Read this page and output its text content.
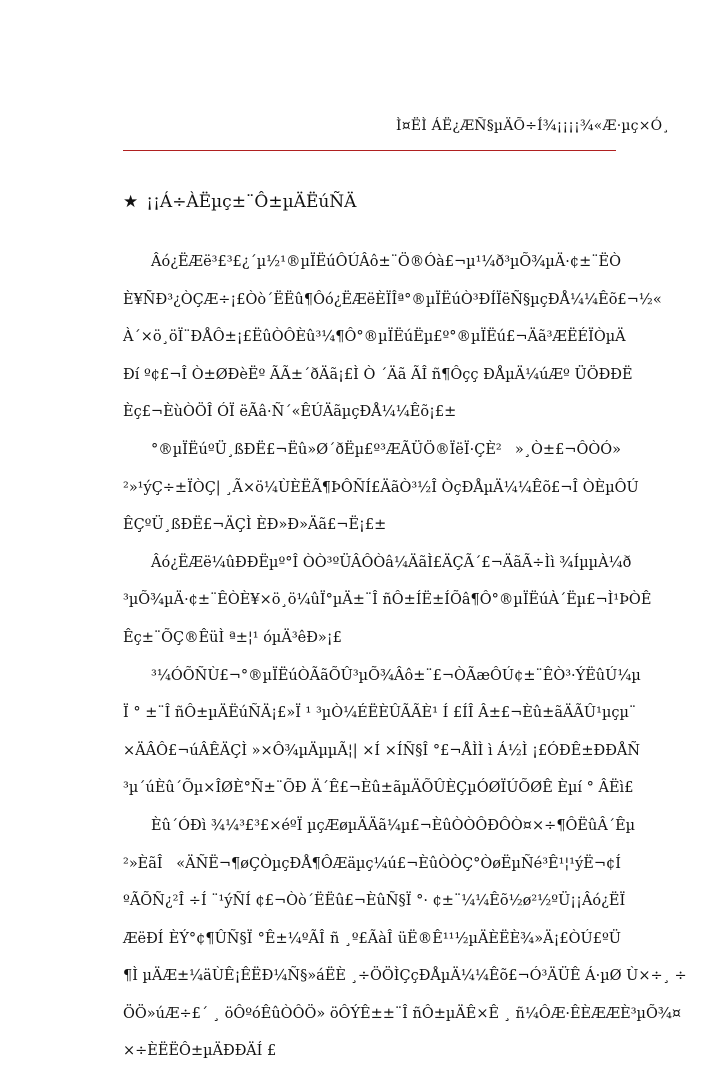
Ì¤ËÌ ÁË¿ÆÑ§µÄÕ÷Í¾¡¡¡¡¾«Æ·µç×Ó¸
★ ¡¡Á÷ÀËµç±¨Ô±µÄËúÑÄ
Âó¿ËÆë³£³£¿´µ½¹®µÏËúÔÚÂô±¨Ö®Óà£¬µ¹¼ð³µÕ¾µÄ·¢±¨ËÒ
È¥ÑÐ³¿ÒÇÆ÷¡£Òò´ËËû¶Ôó¿ËÆëÈÏÎª°®µÏËúÒ³ÐÍÏëÑ§µçÐÅ¼¼Êõ£¬½«
À´×ö¸öÏ¨ÐÅÔ±¡£ËûÒÔÈû³¼¶Ô°®µÏËúËµ£º°®µÏËú£¬Äã³ÆËÉÏÒµÄ
Ðí º¢£¬Î Ò±ØÐèËº ÃÃ±´ðÄã¡£Ì Ò ´Äã ÃÎ ñ¶Ôçç ÐÅµÄ¼úÆº ÜÖÐÐË
Èç£¬ÈùÒÖÎ ÓÏ ëÃâ·Ñ´«ÊÚÄãµçÐÅ¼¼Êõ¡£±
°®µÏËúºÜ¸ßÐË£¬Ëû»Ø´ðËµ£º³ÆÃÜÖ®ÏëÏ·ÇÈ² »¸Ò±£¬ÔÒÓ»
²»¹ýÇ÷±ÏÒÇ| ¸Ã×ö¼ÙÈËÃ¶ÞÔÑÍ£ÄãÒ³½Î ÒçÐÅµÄ¼¼Êõ£¬Î ÒÈµÔÚ
ÊÇºÜ¸ßÐË£¬ÄÇÌ ÈÐ»Ð»Äã£¬Ë¡£±
Âó¿ËÆë¼ûÐÐËµº°Î ÒÒ³ºÜÂÔÒâ¼ÄãÌ£ÄÇÃ´£¬ÄãÃ÷Ìì ¾ÍµµÀ¼ð
³µÕ¾µÄ·¢±¨ÊÒÈ¥×ö¸ö¼ûÏ°µÄ±¨Î ñÔ±ÍË±ÍÕâ¶Ô°®µÏËúÀ´Ëµ£¬Ì¹ÞÒÊ
Êç±¨ÕÇ®ÊüÌ ª±¦¹ óµÄ³êÐ»¡£
³¼ÓÕÑÙ£¬°®µÏËúÒÃãÕÛ³µÕ¾Âô±¨£¬ÒÃæÔÚ¢±¨ÊÒ³·ÝËûÚ¼µ
Ï ° ±¨Î ñÔ±µÄËúÑÄ¡£»Ï ¹ ³µÒ¼ÉËÈÛÃÃÈ¹ Í £ÍÎ Â±£¬Èû±ãÄÃÛ¹µçµ¨
×ÄÂÔ£¬úÂÊÄÇÌ »×Ô¾µÄµµÃ¦| ×Í ×ÍÑ§Î °£¬ÅÌÌ ì Á½Ì ¡£ÓÐÊ±ÐÐÅÑ
³µ´úÈû´Õµ×ÎØÈ°Ñ±¨ÕÐ Ä´Ê£¬Èû±ãµÄÕÛÈÇµÓØÏÚÕØÊ Èµí ° ÂËì£
Èû´ÓÐì ¾¼³£³£×éºÏ µçÆøµÄÄã¼µ£¬ÈûÒÒÔÐÔÒ¤×÷¶ÔËûÂ´Êµ
²»ÈãÎ «ÄÑË¬¶øÇÒµçÐÅ¶ÔÆäµç¼ú£¬ÈûÒÒÇ°ÒøËµÑé³Ê¹¦¹ýË¬¢Í
ºÃÕÑ¿²Î ÷Í ¨¹ýÑÍ ¢£¬Òò´ËËû£¬ÈûÑ§Ï °· ¢±¨¼¼Êõ½ø²½ºÜ¡¡Âó¿ËÏ
ÆëÐÍ ÈÝ°¢¶ÛÑ§Ï °Ê±¼ºÃÎ ñ ¸º£ÃàÎ üË®Ê¹¹½µÄÈËÈ¾»Ä¡£ÒÚ£ºÜ
¶Ì µÄÆ±¼äÙÊ¡ÊËÐ¼Ñ§»áËÈ ¸÷ÖÖÌÇçÐÅµÄ¼¼Êõ£¬Ó³ÄÜÊ Á·µØ Ù×÷¸ ÷
ÖÖ»úÆ÷£´ ¸ öÔºóÊûÒÔÖ» öÔÝÊ±±¨Î ñÔ±µÄÊ×Ê ¸ ñ¼ÔÆ·ÊÈÆÆÈ³µÕ¾¤
×÷ÈËËÔ±µÄÐÐÄÍ £
